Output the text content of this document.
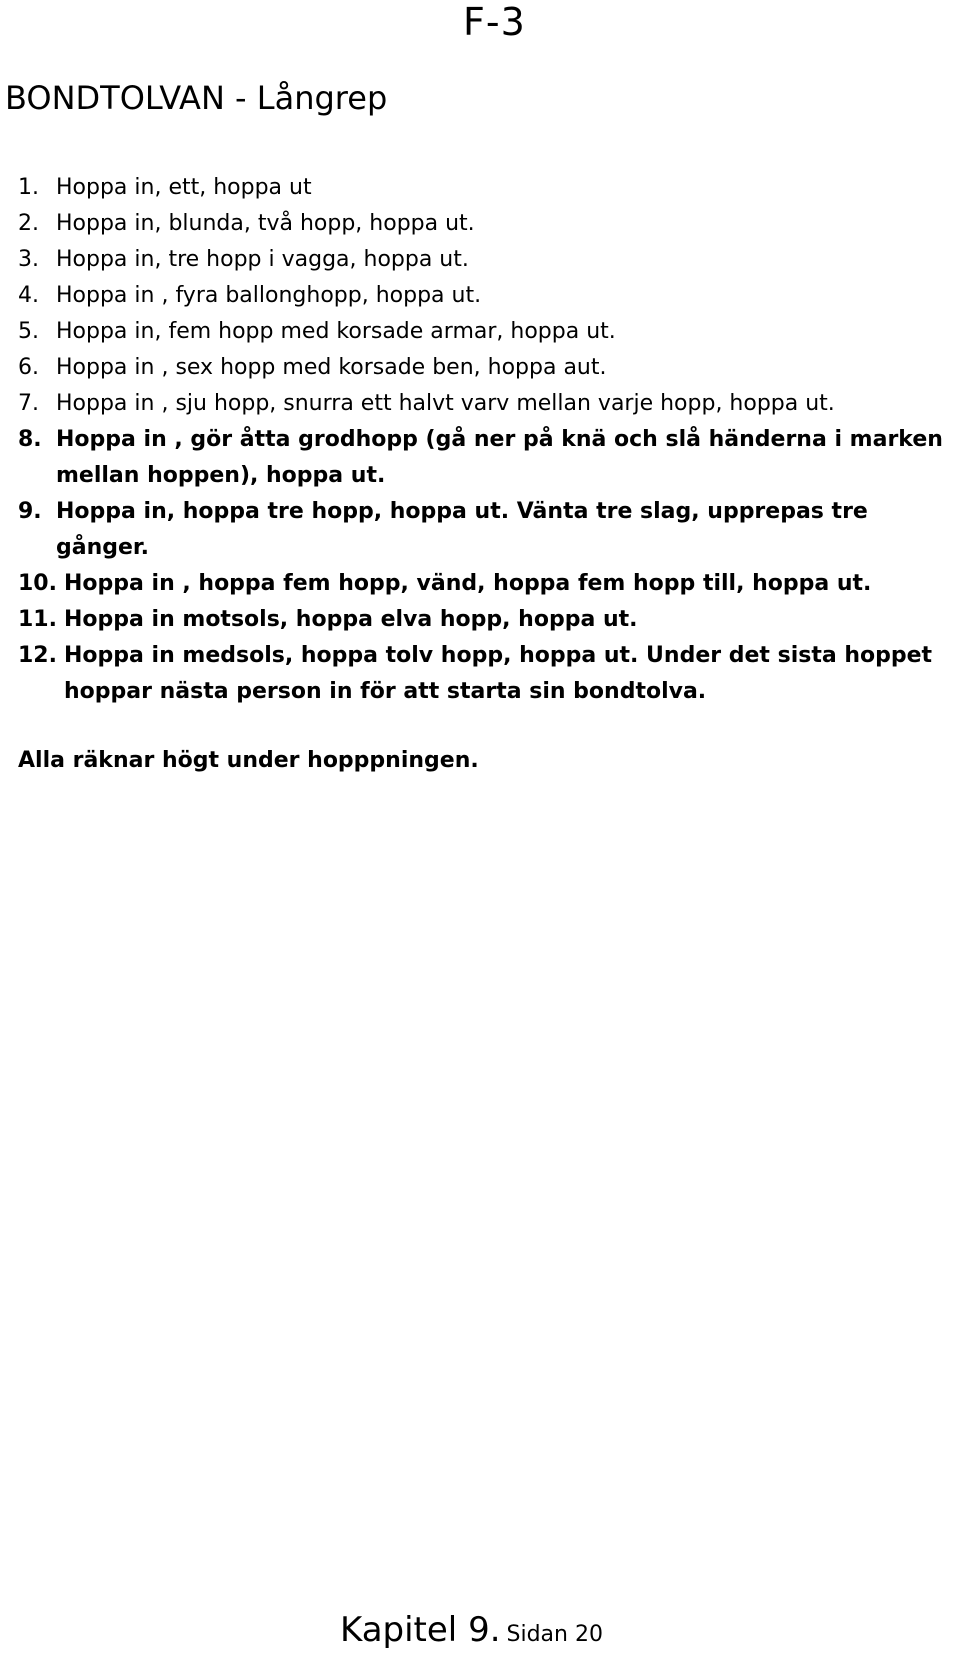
F-3
BONDTOLVAN - Långrep
1. Hoppa in, ett, hoppa ut
2. Hoppa in, blunda, två hopp, hoppa ut.
3. Hoppa in, tre hopp i vagga, hoppa ut.
4. Hoppa in , fyra ballonghopp, hoppa ut.
5. Hoppa in, fem hopp med korsade armar, hoppa ut.
6. Hoppa in , sex hopp med korsade ben, hoppa aut.
7. Hoppa in , sju hopp, snurra ett halvt varv mellan varje hopp, hoppa ut.
8. Hoppa in , gör åtta grodhopp (gå ner på knä och slå händerna i marken mellan hoppen), hoppa ut.
9. Hoppa in, hoppa tre hopp, hoppa ut. Vänta tre slag, upprepas tre gånger.
10. Hoppa in , hoppa fem hopp, vänd, hoppa fem hopp till, hoppa ut.
11. Hoppa in motsols, hoppa elva hopp, hoppa ut.
12. Hoppa in medsols, hoppa tolv hopp, hoppa ut. Under det sista hoppet hoppar nästa person in för att starta sin bondtolva.

Alla räknar högt under hopppningen.

Kapitel 9. Sidan 20
